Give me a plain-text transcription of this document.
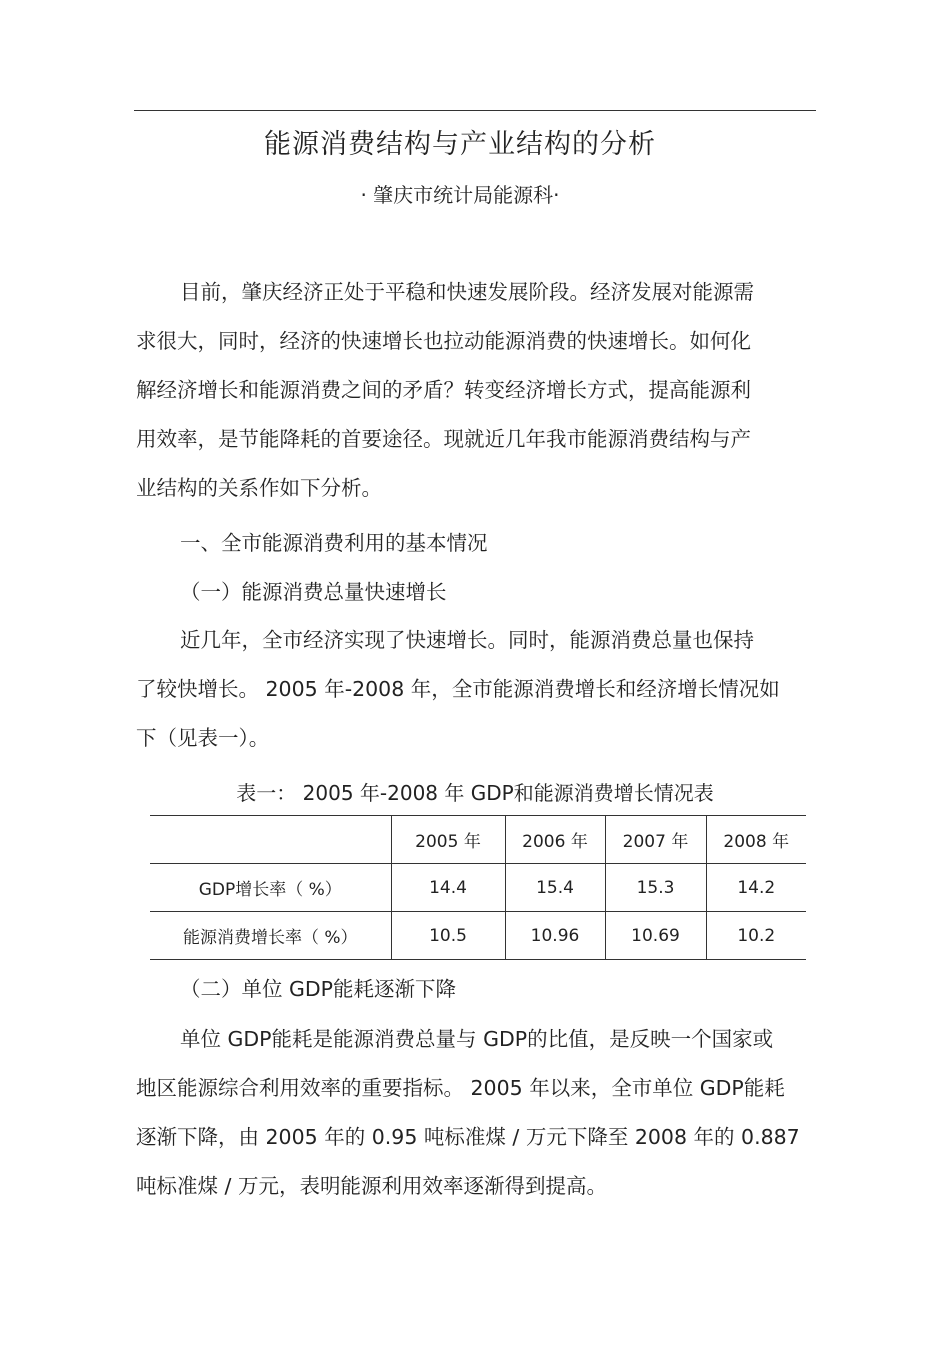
能源消费结构与产业结构的分析
· 肇庆市统计局能源科·
目前，肇庆经济正处于平稳和快速发展阶段。经济发展对能源需
求很大，同时，经济的快速增长也拉动能源消费的快速增长。如何化
解经济增长和能源消费之间的矛盾？转变经济增长方式，提高能源利
用效率，是节能降耗的首要途径。现就近几年我市能源消费结构与产
业结构的关系作如下分析。
一、全市能源消费利用的基本情况
（一）能源消费总量快速增长
近几年，全市经济实现了快速增长。同时，能源消费总量也保持
了较快增长。 2005 年-2008 年，全市能源消费增长和经济增长情况如
下（见表一）。
表一： 2005 年-2008 年 GDP和能源消费增长情况表
	2005 年	2006 年	2007 年	2008 年
GDP增长率（ %）	14.4	15.4	15.3	14.2
能源消费增长率（ %）	10.5	10.96	10.69	10.2
（二）单位 GDP能耗逐渐下降
单位 GDP能耗是能源消费总量与 GDP的比值，是反映一个国家或
地区能源综合利用效率的重要指标。 2005 年以来，全市单位 GDP能耗
逐渐下降，由 2005 年的 0.95 吨标准煤 / 万元下降至 2008 年的 0.887
吨标准煤 / 万元，表明能源利用效率逐渐得到提高。
